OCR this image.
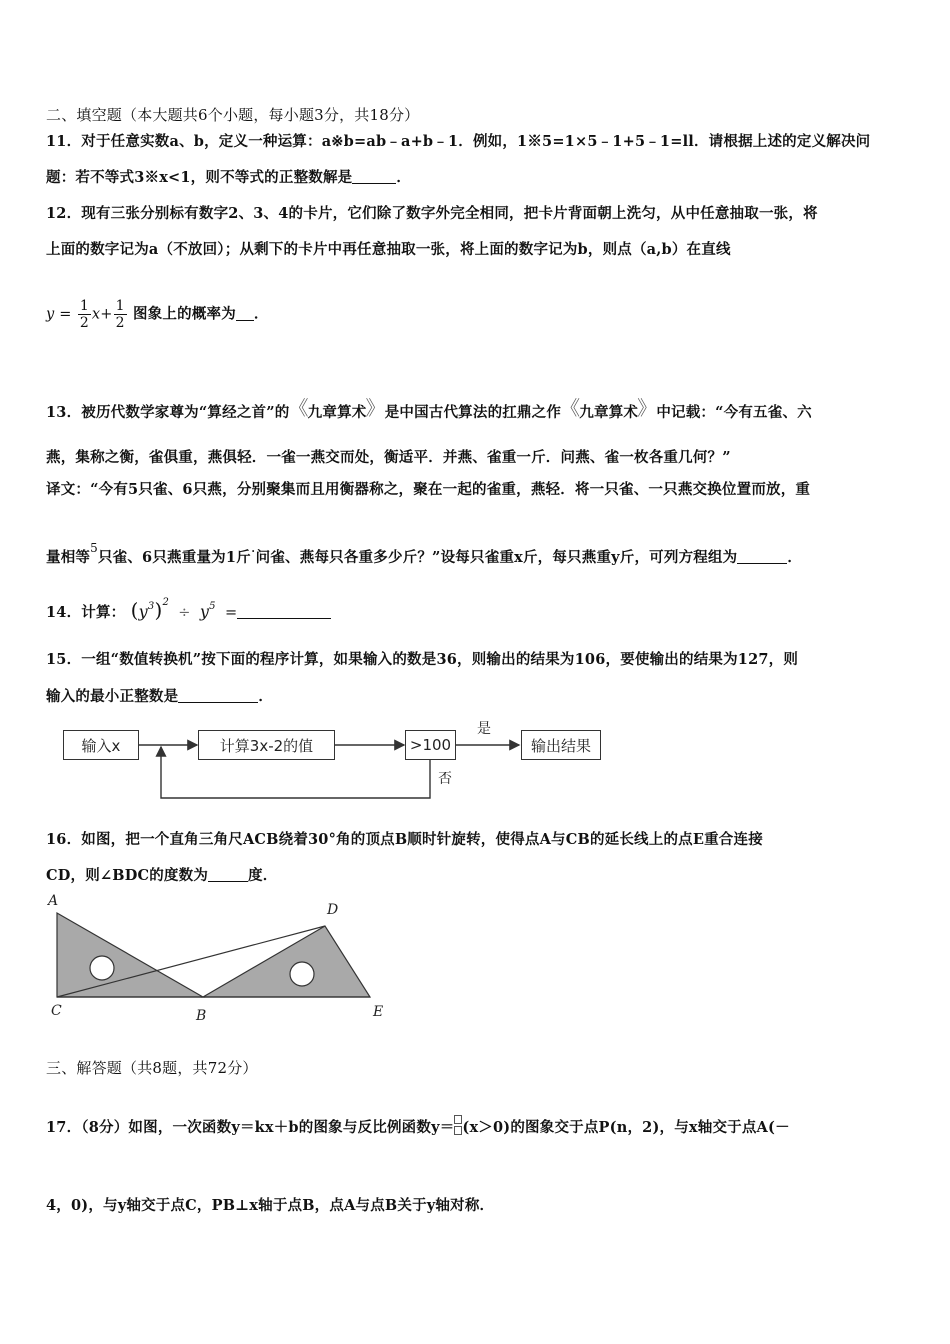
二、填空题（本大题共6个小题，每小题3分，共18分）
11．对于任意实数a、b，定义一种运算：a※b=ab﹣a+b﹣1．例如，1※5=1×5﹣1+5﹣1=ll．请根据上述的定义解决问
题：若不等式3※x<1，则不等式的正整数解是	．
12．现有三张分别标有数字2、3、4的卡片，它们除了数字外完全相同，把卡片背面朝上洗匀，从中任意抽取一张，将
上面的数字记为a（不放回）；从剩下的卡片中再任意抽取一张，将上面的数字记为b，则点（a,b）在直线
$y = \frac{1}{2} x+ \frac{1}{2}$ 图象上的概率为 ．
13．被历代数学家尊为“算经之首”的《九章算术》是中国古代算法的扛鼎之作《九章算术》中记载：“今有五雀、六
燕，集称之衡，雀俱重，燕俱轻．一雀一燕交而处，衡适平．并燕、雀重一斤．问燕、雀一枚各重几何？”
译文：“今有5只雀、6只燕，分别聚集而且用衡器称之，聚在一起的雀重，燕轻．将一只雀、一只燕交换位置而放，重
量相等$^5$只雀、6只燕重量为1斤·问雀、燕每只各重多少斤？”设每只雀重x斤，每只燕重y斤，可列方程组为	．
14．计算： $(y^3)^2 \div y^5$ =
15．一组“数值转换机”按下面的程序计算，如果输入的数是36，则输出的结果为106，要使输出的结果为127，则
输入的最小正整数是	．
输入x	计算3x-2的值	>100	输出结果
是
否
16．如图，把一个直角三角尺ACB绕着30°角的顶点B顺时针旋转，使得点A与CB的延长线上的点E重合连接
CD，则∠BDC的度数为	度．
A
D
C	B	E
三、解答题（共8题，共72分）
17．（8分）如图，一次函数y＝kx＋b的图象与反比例函数y＝ (x＞0)的图象交于点P(n，2)，与x轴交于点A(－
4，0)，与y轴交于点C，PB⊥x轴于点B，点A与点B关于y轴对称．
